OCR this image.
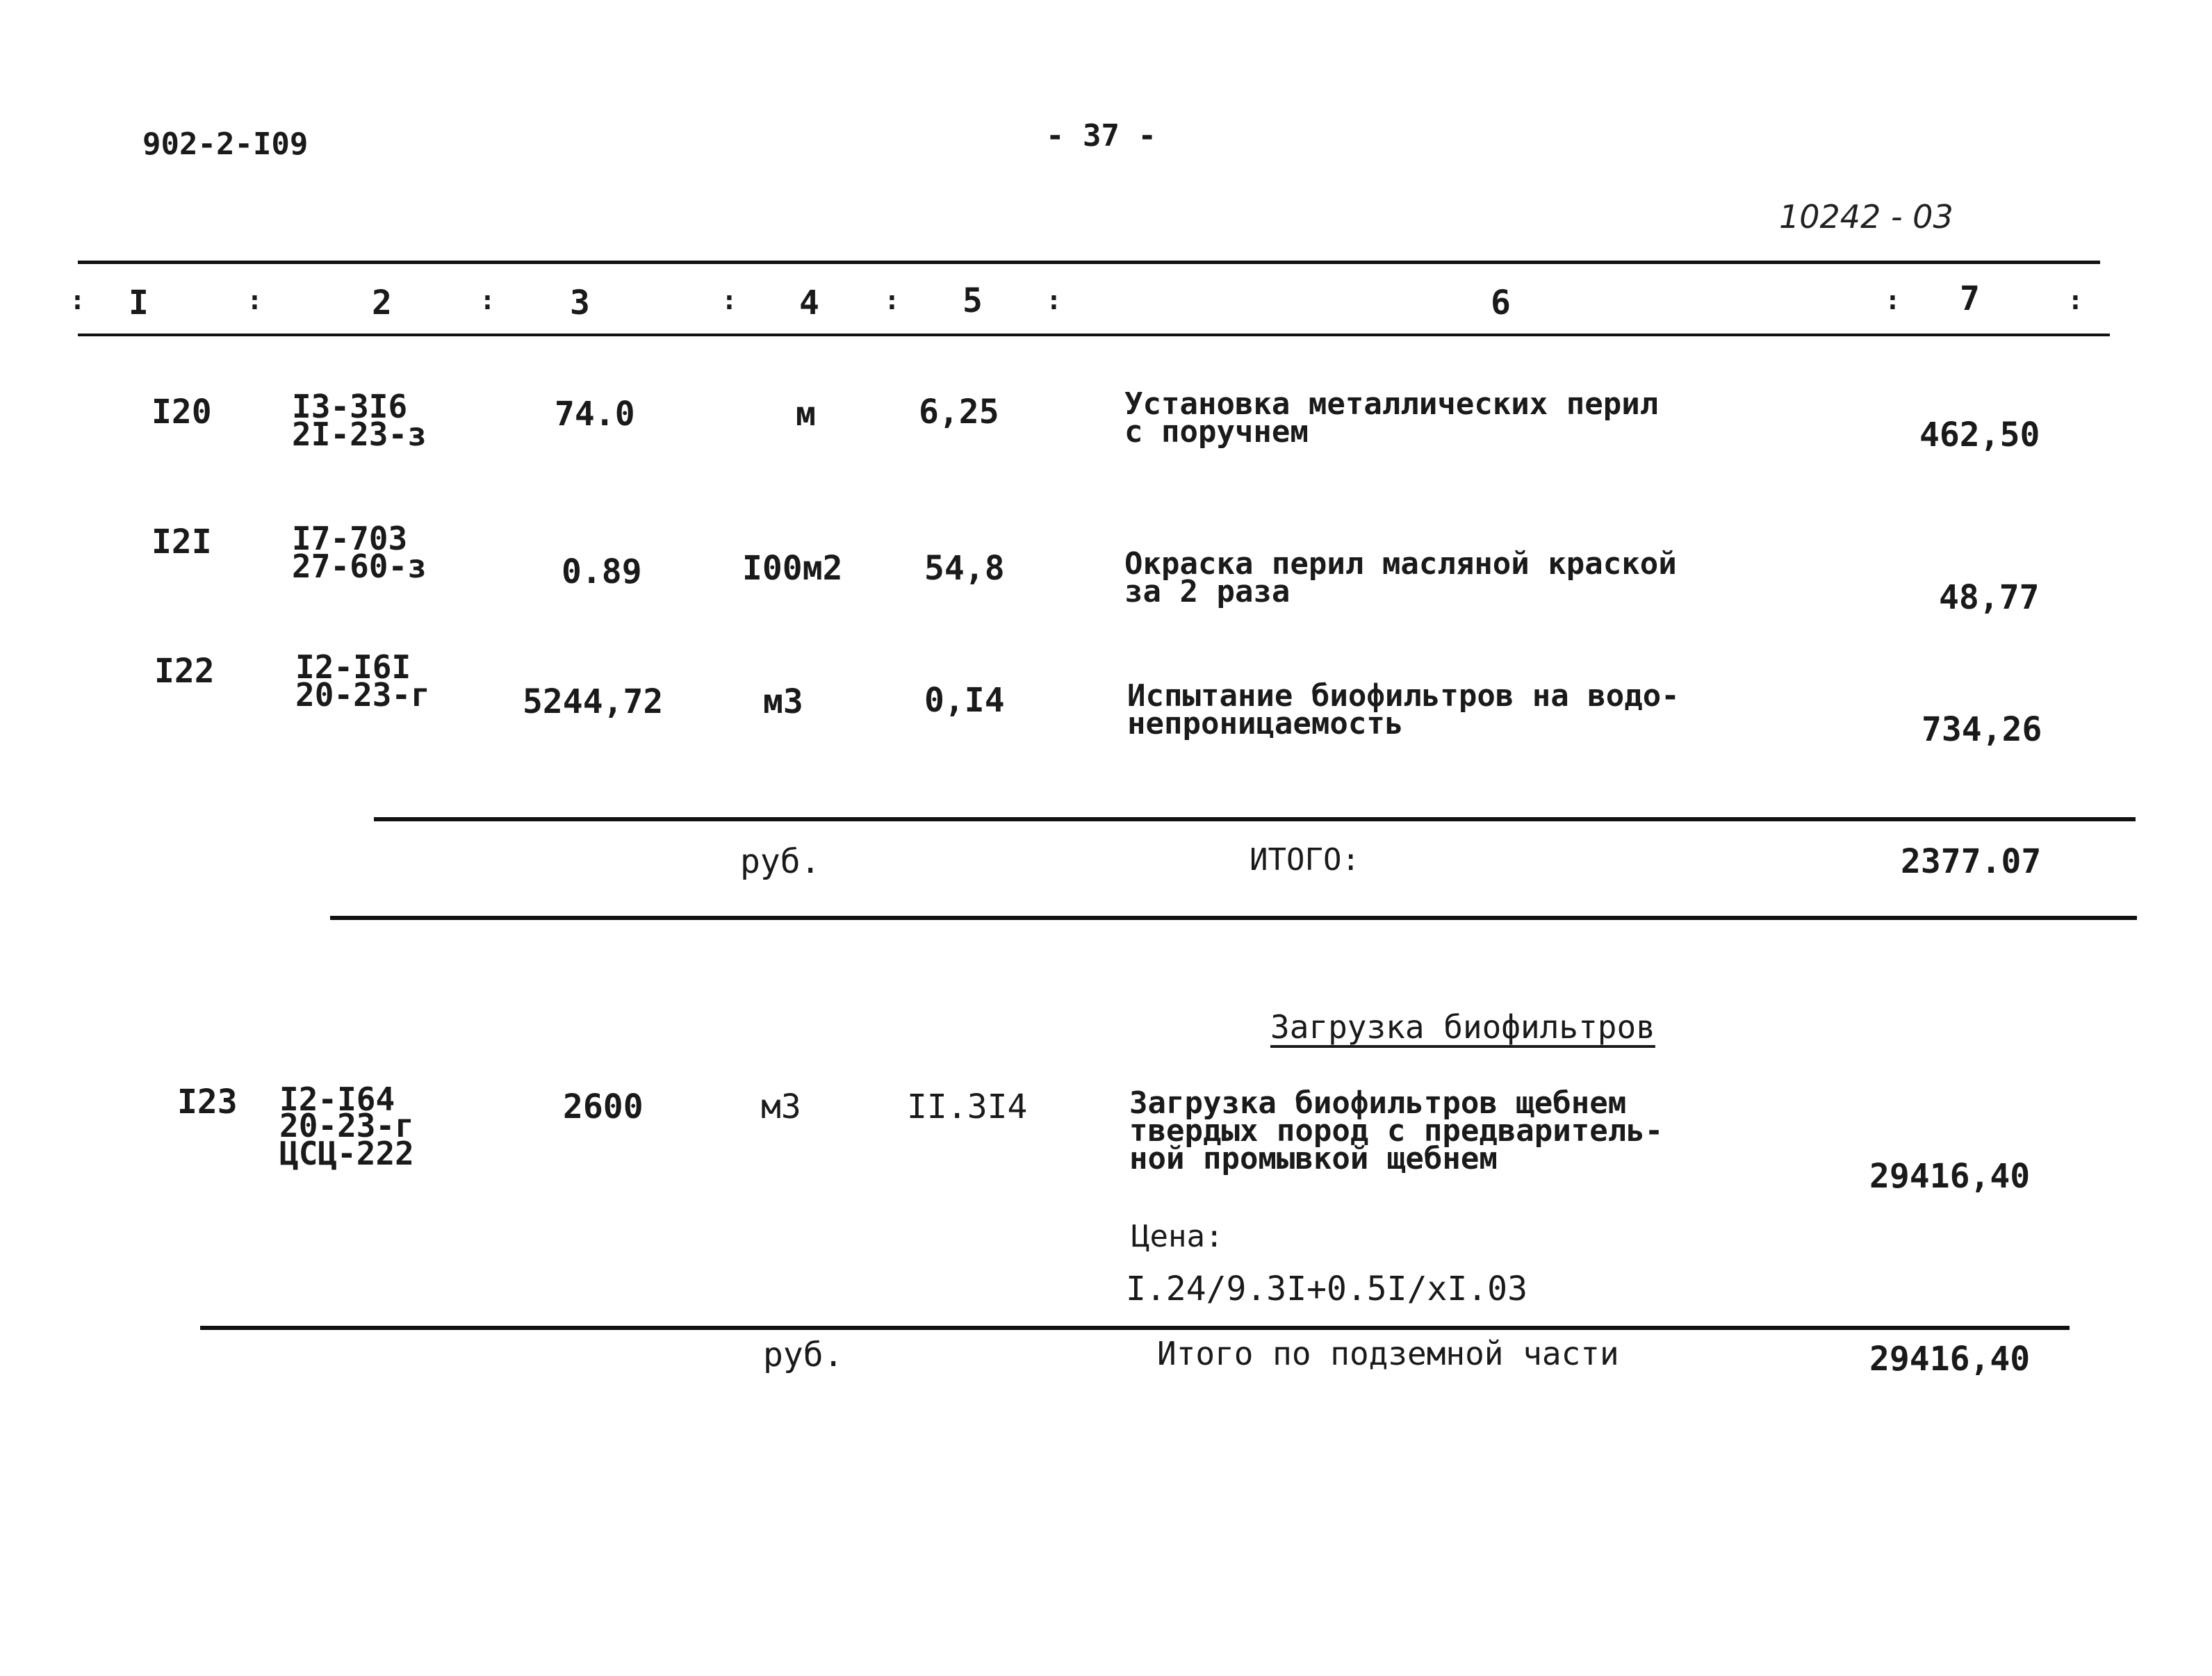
902-2-I09	- 37 -
10242 - 03
: I	:	2	: 3	: 4 : 5 :	6	: 7	:
I20	I3-3I6
2I-23-з
74.0	м	6,25	Установка металлических перил
с поручнем	462,50
I2I	I7-703
27-60-з	0.89	I00м2 54,8	Окраска перил масляной краской
за 2 раза	48,77
I22	I2-I6I
20-23-г	5244,72	м3	0,I4	Испытание биофильтров на водо-
непроницаемость	734,26
руб.	ИТОГО:	2377.07
Загрузка биофильтров
I23 I2-I64
20-23-г
ЦСЦ-222
2600	м3	II.3I4	Загрузка биофильтров щебнем
твердых пород с предваритель-
ной промывкой щебнем	29416,40
Цена:
I.24/9.3I+0.5I/xI.03
руб.	Итого по подземной части	29416,40
